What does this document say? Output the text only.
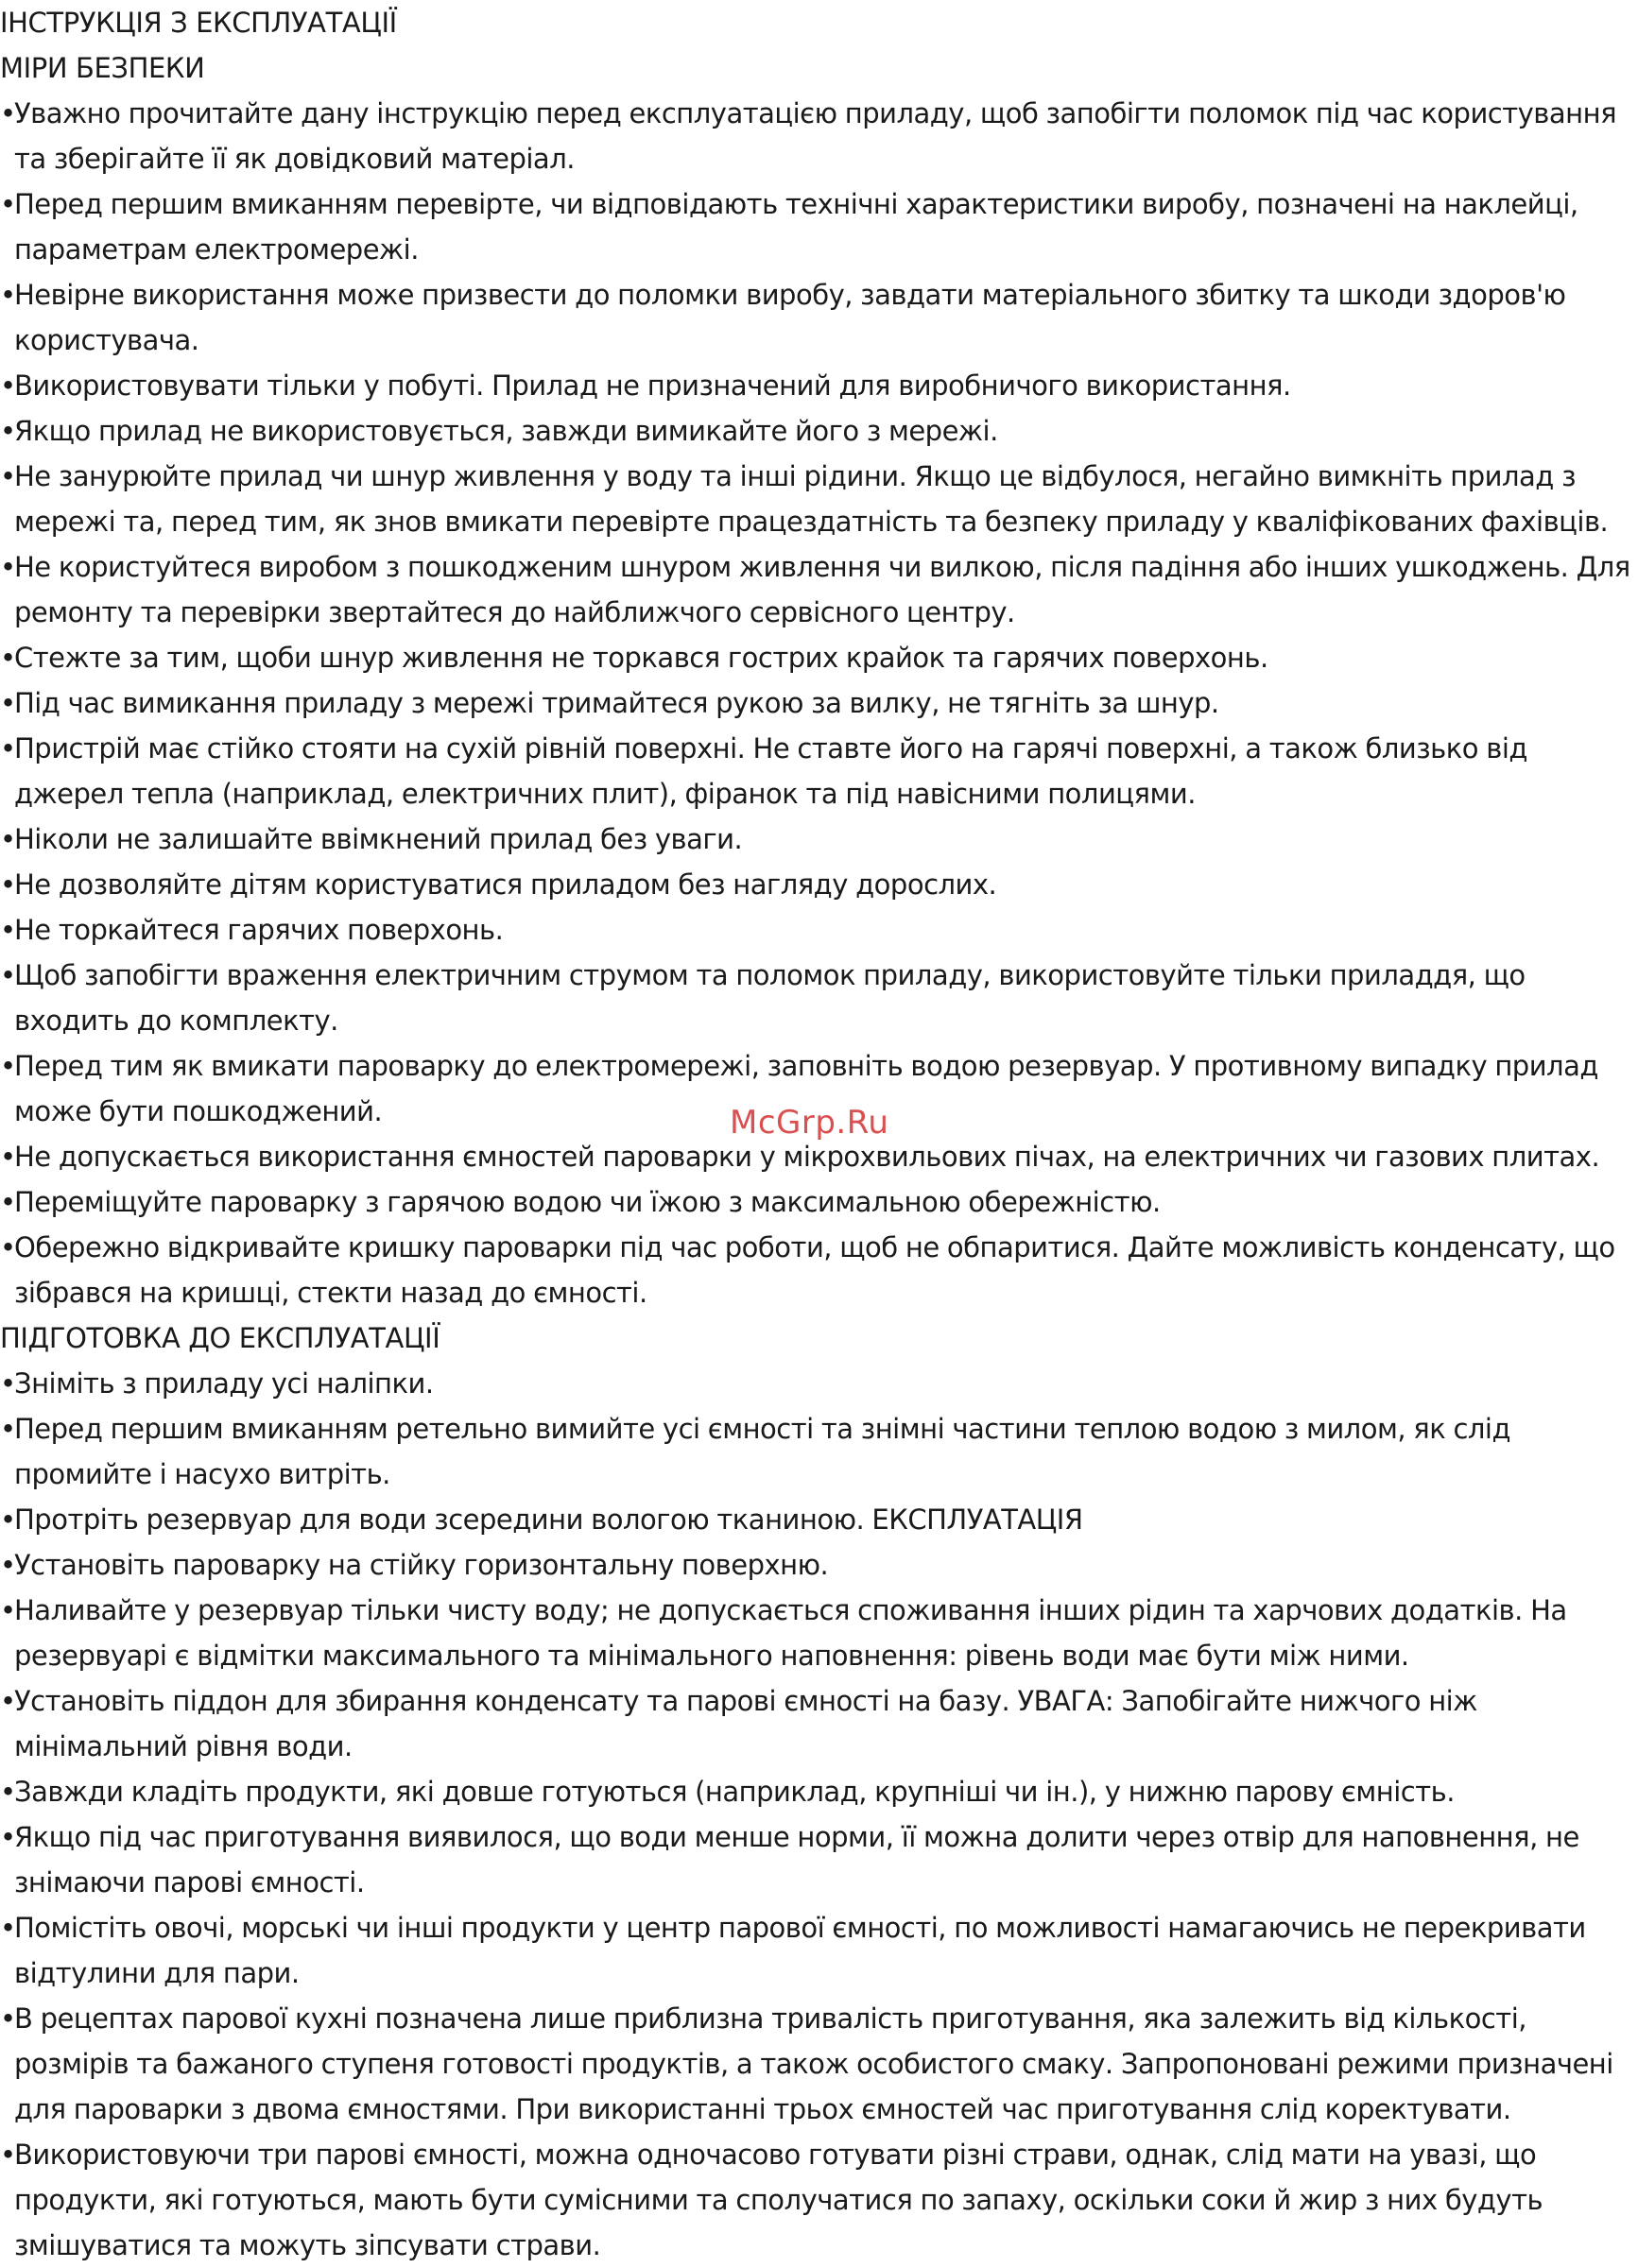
ІНСТРУКЦІЯ З ЕКСПЛУАТАЦІЇ
МІРИ БЕЗПЕКИ
• Уважно прочитайте дану інструкцію перед експлуатацією приладу, щоб запобігти поломок під час користування та зберігайте її як довідковий матеріал.
• Перед першим вмиканням перевірте, чи відповідають технічні характеристики виробу, позначені на наклейці, параметрам електромережі.
• Невірне використання може призвести до поломки виробу, завдати матеріального збитку та шкоди здоров'ю користувача.
• Використовувати тільки у побуті. Прилад не призначений для виробничого використання.
• Якщо прилад не використовується, завжди вимикайте його з мережі.
• Не занурюйте прилад чи шнур живлення у воду та інші рідини. Якщо це відбулося, негайно вимкніть прилад з мережі та, перед тим, як знов вмикати перевірте працездатність та безпеку приладу у кваліфікованих фахівців.
• Не користуйтеся виробом з пошкодженим шнуром живлення чи вилкою, після падіння або інших ушкоджень. Для ремонту та перевірки звертайтеся до найближчого сервісного центру.
• Стежте за тим, щоби шнур живлення не торкався гострих крайок та гарячих поверхонь.
• Під час вимикання приладу з мережі тримайтеся рукою за вилку, не тягніть за шнур.
• Пристрій має стійко стояти на сухій рівній поверхні. Не ставте його на гарячі поверхні, а також близько від джерел тепла (наприклад, електричних плит), фіранок та під навісними полицями.
• Ніколи не залишайте ввімкнений прилад без уваги.
• Не дозволяйте дітям користуватися приладом без нагляду дорослих.
• Не торкайтеся гарячих поверхонь.
• Щоб запобігти враження електричним струмом та поломок приладу, використовуйте тільки приладдя, що входить до комплекту.
• Перед тим як вмикати пароварку до електромережі, заповніть водою резервуар. У противному випадку прилад може бути пошкоджений.
• Не допускається використання ємностей пароварки у мікрохвильових пічах, на електричних чи газових плитах.
• Переміщуйте пароварку з гарячою водою чи їжою з максимальною обережністю.
• Обережно відкривайте кришку пароварки під час роботи, щоб не обпаритися. Дайте можливість конденсату, що зібрався на кришці, стекти назад до ємності.
ПІДГОТОВКА ДО ЕКСПЛУАТАЦІЇ
• Зніміть з приладу усі наліпки.
• Перед першим вмиканням ретельно вимийте усі ємності та знімні частини теплою водою з милом, як слід промийте і насухо витріть.
• Протріть резервуар для води зсередини вологою тканиною. ЕКСПЛУАТАЦІЯ
• Установіть пароварку на стійку горизонтальну поверхню.
• Наливайте у резервуар тільки чисту воду; не допускається споживання інших рідин та харчових додатків. На резервуарі є відмітки максимального та мінімального наповнення: рівень води має бути між ними.
• Установіть піддон для збирання конденсату та парові ємності на базу. УВАГА: Запобігайте нижчого ніж мінімальний рівня води.
• Завжди кладіть продукти, які довше готуються (наприклад, крупніші чи ін.), у нижню парову ємність.
• Якщо під час приготування виявилося, що води менше норми, її можна долити через отвір для наповнення, не знімаючи парові ємності.
• Помістіть овочі, морські чи інші продукти у центр парової ємності, по можливості намагаючись не перекривати відтулини для пари.
• В рецептах парової кухні позначена лише приблизна тривалість приготування, яка залежить від кількості, розмірів та бажаного ступеня готовості продуктів, а також особистого смаку. Запропоновані режими призначені для пароварки з двома ємностями. При використанні трьох ємностей час приготування слід коректувати.
• Використовуючи три парові ємності, можна одночасово готувати різні страви, однак, слід мати на увазі, що продукти, які готуються, мають бути сумісними та сполучатися по запаху, оскільки соки й жир з них будуть змішуватися та можуть зіпсувати страви.
McGrp.Ru
